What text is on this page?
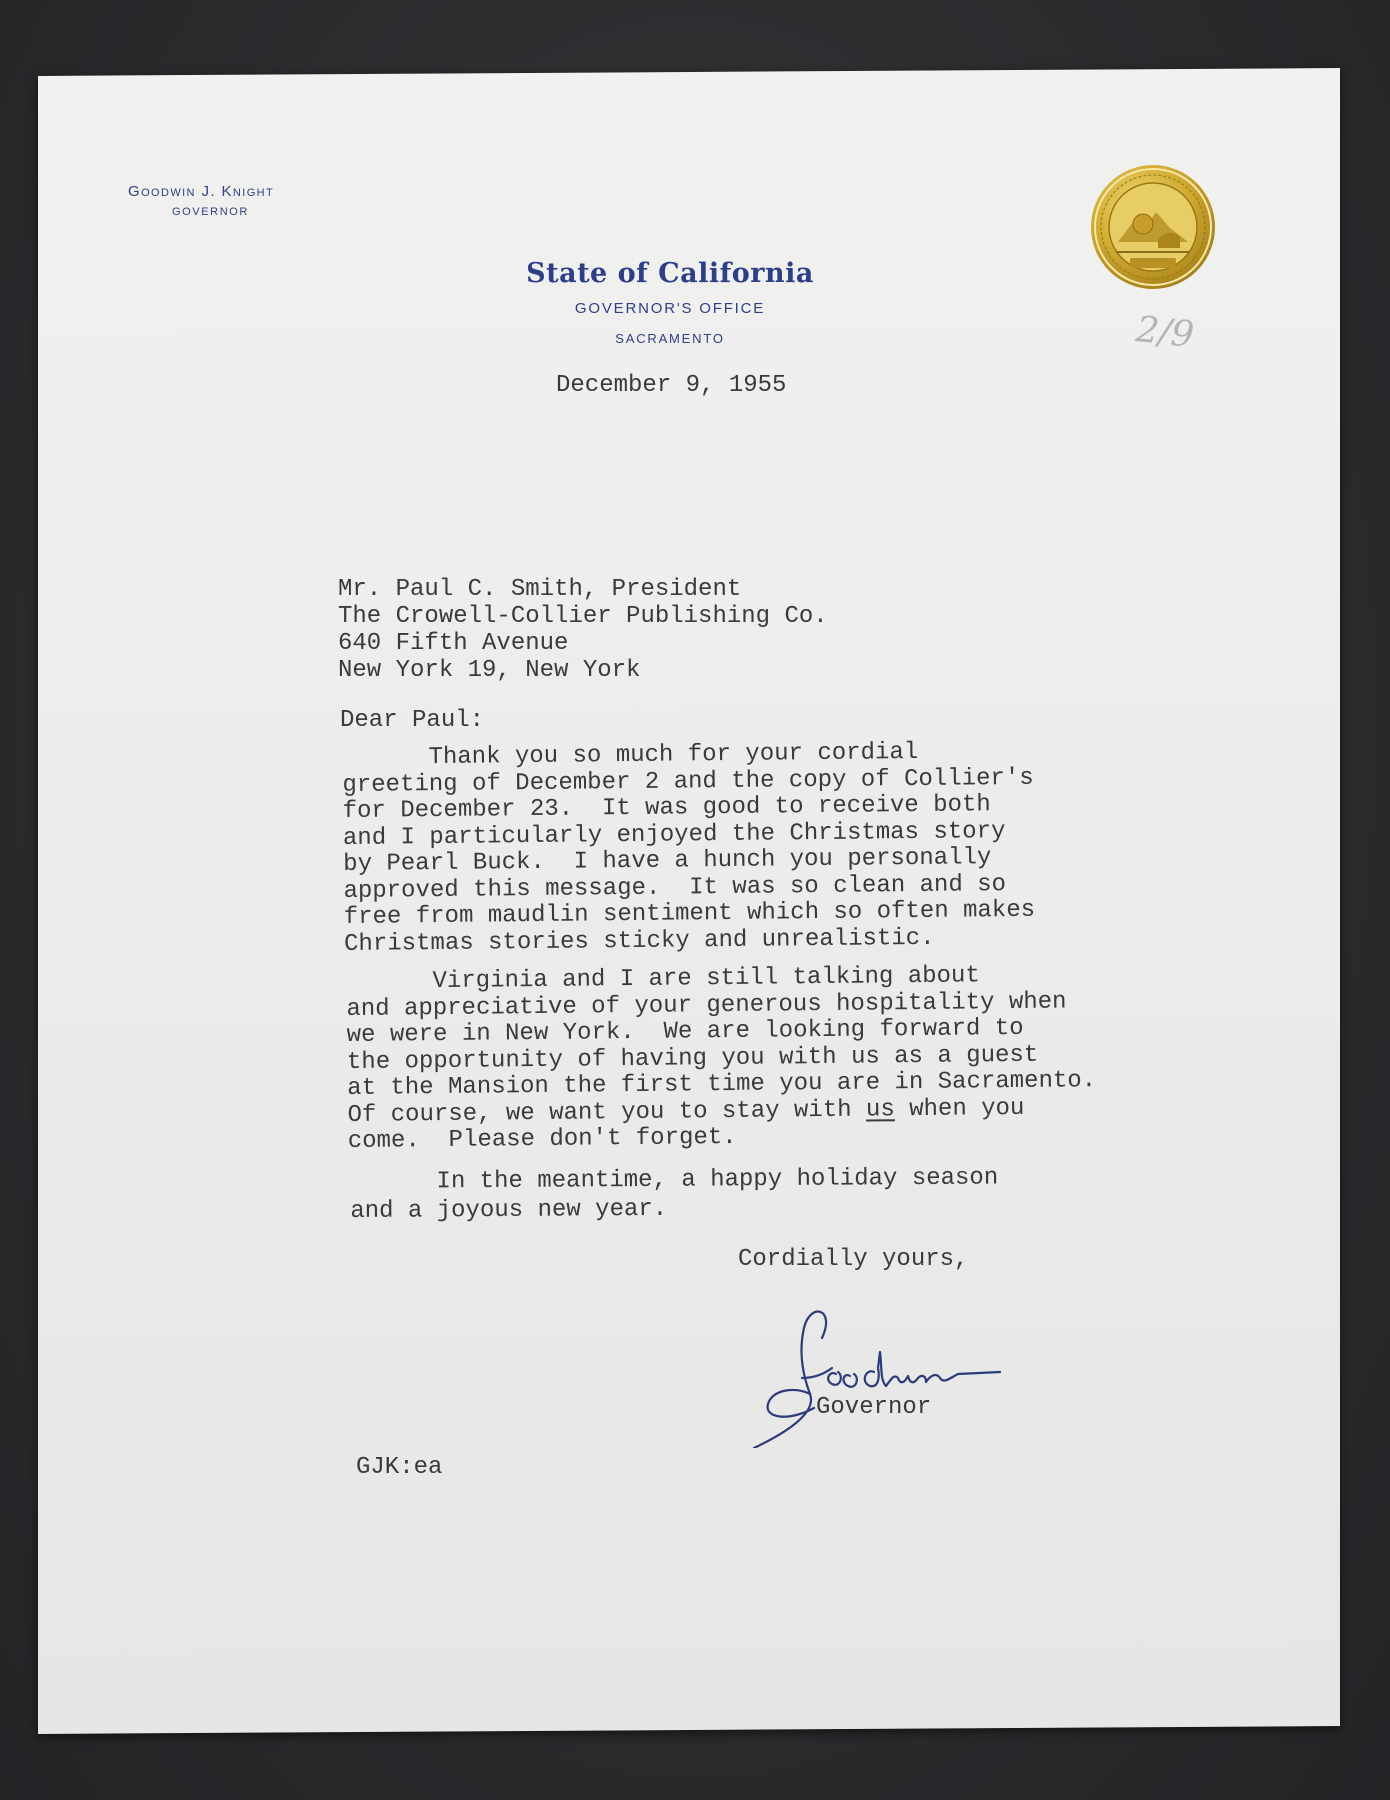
Goodwin J. Knight
GOVERNOR
State of California
GOVERNOR'S OFFICE
SACRAMENTO	2/9
December 9, 1955
Mr. Paul C. Smith, President
The Crowell-Collier Publishing Co.
640 Fifth Avenue
New York 19, New York
Dear Paul:
Thank you so much for your cordial
greeting of December 2 and the copy of Collier's
for December 23.  It was good to receive both
and I particularly enjoyed the Christmas story
by Pearl Buck.  I have a hunch you personally
approved this message.  It was so clean and so
free from maudlin sentiment which so often makes
Christmas stories sticky and unrealistic.
Virginia and I are still talking about
and appreciative of your generous hospitality when
we were in New York.  We are looking forward to
the opportunity of having you with us as a guest
at the Mansion the first time you are in Sacramento.
Of course, we want you to stay with us when you
come.  Please don't forget.
In the meantime, a happy holiday season
and a joyous new year.
Cordially yours,
Governor
GJK:ea
